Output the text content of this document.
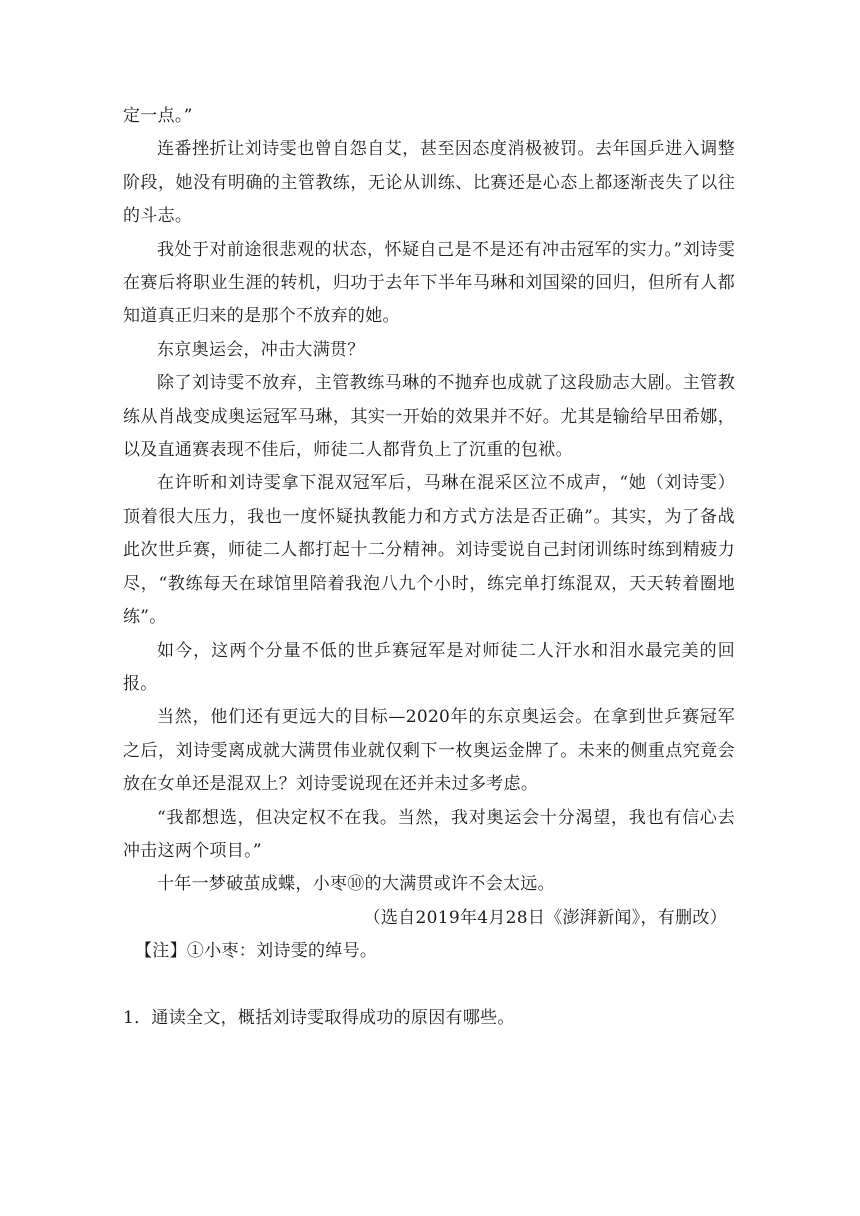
定一点。”

连番挫折让刘诗雯也曾自怨自艾，甚至因态度消极被罚。去年国乒进入调整阶段，她没有明确的主管教练，无论从训练、比赛还是心态上都逐渐丧失了以往的斗志。

我处于对前途很悲观的状态，怀疑自己是不是还有冲击冠军的实力。”刘诗雯在赛后将职业生涯的转机，归功于去年下半年马琳和刘国梁的回归，但所有人都知道真正归来的是那个不放弃的她。

东京奥运会，冲击大满贯？

除了刘诗雯不放弃，主管教练马琳的不抛弃也成就了这段励志大剧。主管教练从肖战变成奥运冠军马琳，其实一开始的效果并不好。尤其是输给早田希娜，以及直通赛表现不佳后，师徒二人都背负上了沉重的包袱。

在许昕和刘诗雯拿下混双冠军后，马琳在混采区泣不成声，“她（刘诗雯）顶着很大压力，我也一度怀疑执教能力和方式方法是否正确”。其实，为了备战此次世乒赛，师徒二人都打起十二分精神。刘诗雯说自己封闭训练时练到精疲力尽，“教练每天在球馆里陪着我泡八九个小时，练完单打练混双，天天转着圈地练”。

如今，这两个分量不低的世乒赛冠军是对师徒二人汗水和泪水最完美的回报。

当然，他们还有更远大的目标—2020年的东京奥运会。在拿到世乒赛冠军之后，刘诗雯离成就大满贯伟业就仅剩下一枚奥运金牌了。未来的侧重点究竟会放在女单还是混双上？刘诗雯说现在还并未过多考虑。

“我都想选，但决定权不在我。当然，我对奥运会十分渴望，我也有信心去冲击这两个项目。”

十年一梦破茧成蝶，小枣⑩的大满贯或许不会太远。

（选自2019年4月28日《澎湃新闻》，有删改）

【注】①小枣：刘诗雯的绰号。

1．通读全文，概括刘诗雯取得成功的原因有哪些。
